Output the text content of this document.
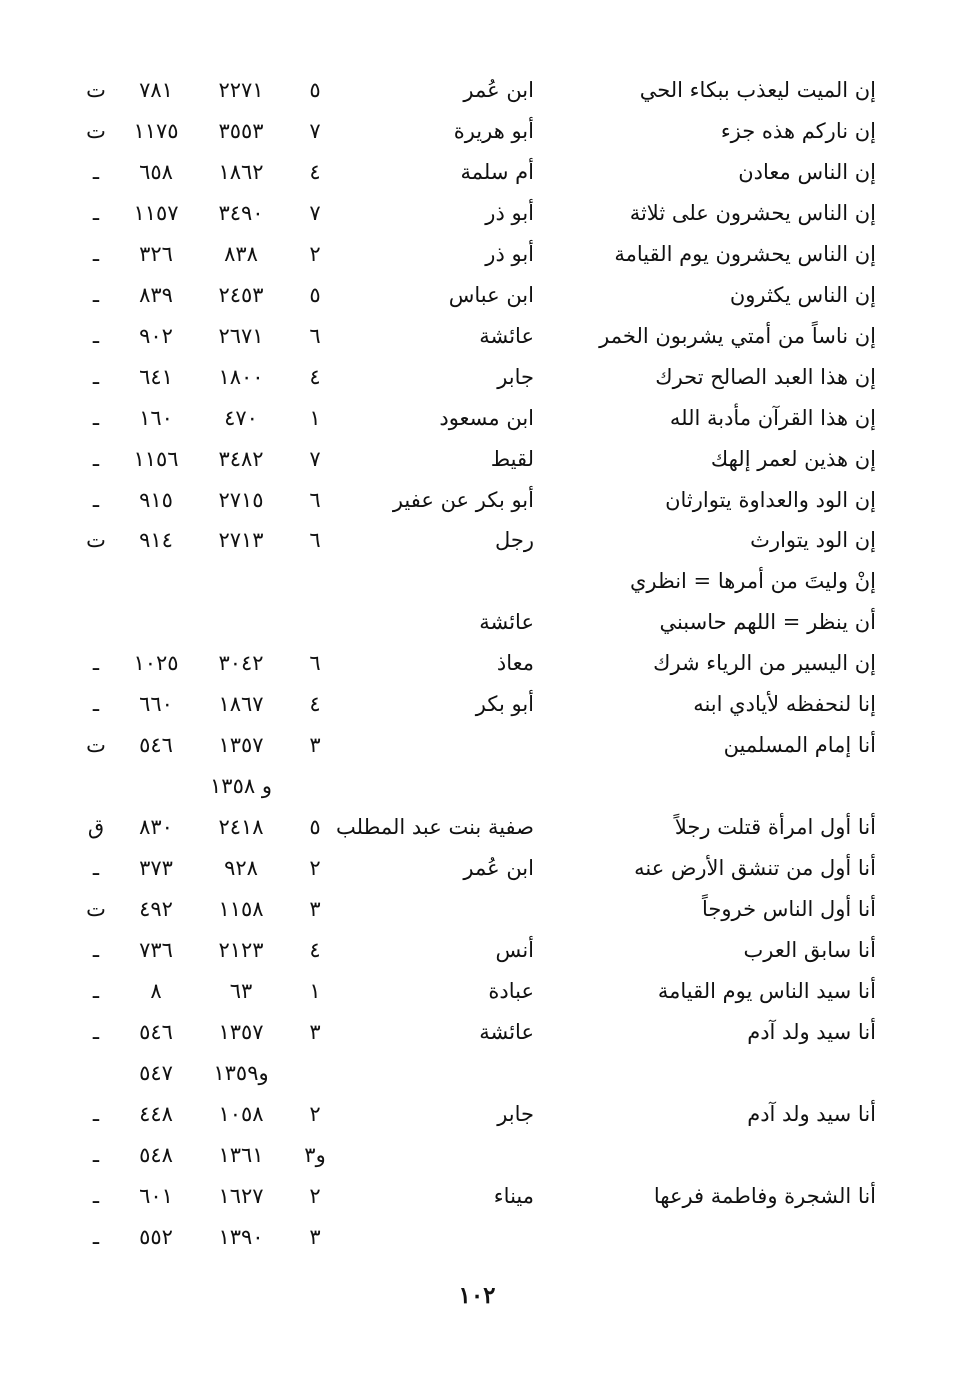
إن الميت ليعذب ببكاء الحي
ابن عُمر
٥
٢٢٧١
٧٨١
ت
إن ناركم هذه جزء
أبو هريرة
٧
٣٥٥٣
١١٧٥
ت
إن الناس معادن
أم سلمة
٤
١٨٦٢
٦٥٨
ـ
إن الناس يحشرون على ثلاثة
أبو ذر
٧
٣٤٩٠
١١٥٧
ـ
إن الناس يحشرون يوم القيامة
أبو ذر
٢
٨٣٨
٣٢٦
ـ
إن الناس يكثرون
ابن عباس
٥
٢٤٥٣
٨٣٩
ـ
إن ناساً من أمتي يشربون الخمر
عائشة
٦
٢٦٧١
٩٠٢
ـ
إن هذا العبد الصالح تحرك
جابر
٤
١٨٠٠
٦٤١
ـ
إن هذا القرآن مأدبة الله
ابن مسعود
١
٤٧٠
١٦٠
ـ
إن هذين لعمر إلهك
لقيط
٧
٣٤٨٢
١١٥٦
ـ
إن الود والعداوة يتوارثان
أبو بكر عن عفير
٦
٢٧١٥
٩١٥
ـ
إن الود يتوارث
رجل
٦
٢٧١٣
٩١٤
ت
إنْ وليتَ من أمرها = انظري
أن ينظر = اللهم حاسبني
عائشة
إن اليسير من الرياء شرك
معاذ
٦
٣٠٤٢
١٠٢٥
ـ
إنا لنحفظه لأيادي ابنه
أبو بكر
٤
١٨٦٧
٦٦٠
ـ
أنا إمام المسلمين
٣
١٣٥٧
٥٤٦
ت
و ١٣٥٨
أنا أول امرأة قتلت رجلاً
صفية بنت عبد المطلب
٥
٢٤١٨
٨٣٠
ق
أنا أول من تنشق الأرض عنه
ابن عُمر
٢
٩٢٨
٣٧٣
ـ
أنا أول الناس خروجاً
٣
١١٥٨
٤٩٢
ت
أنا سابق العرب
أنس
٤
٢١٢٣
٧٣٦
ـ
أنا سيد الناس يوم القيامة
عبادة
١
٦٣
٨
ـ
أنا سيد ولد آدم
عائشة
٣
١٣٥٧
٥٤٦
ـ
و١٣٥٩
٥٤٧
أنا سيد ولد آدم
جابر
٢
١٠٥٨
٤٤٨
ـ
و٣
١٣٦١
٥٤٨
ـ
أنا الشجرة وفاطمة فرعها
ميناء
٢
١٦٢٧
٦٠١
ـ
٣
١٣٩٠
٥٥٢
ـ
١٠٢
